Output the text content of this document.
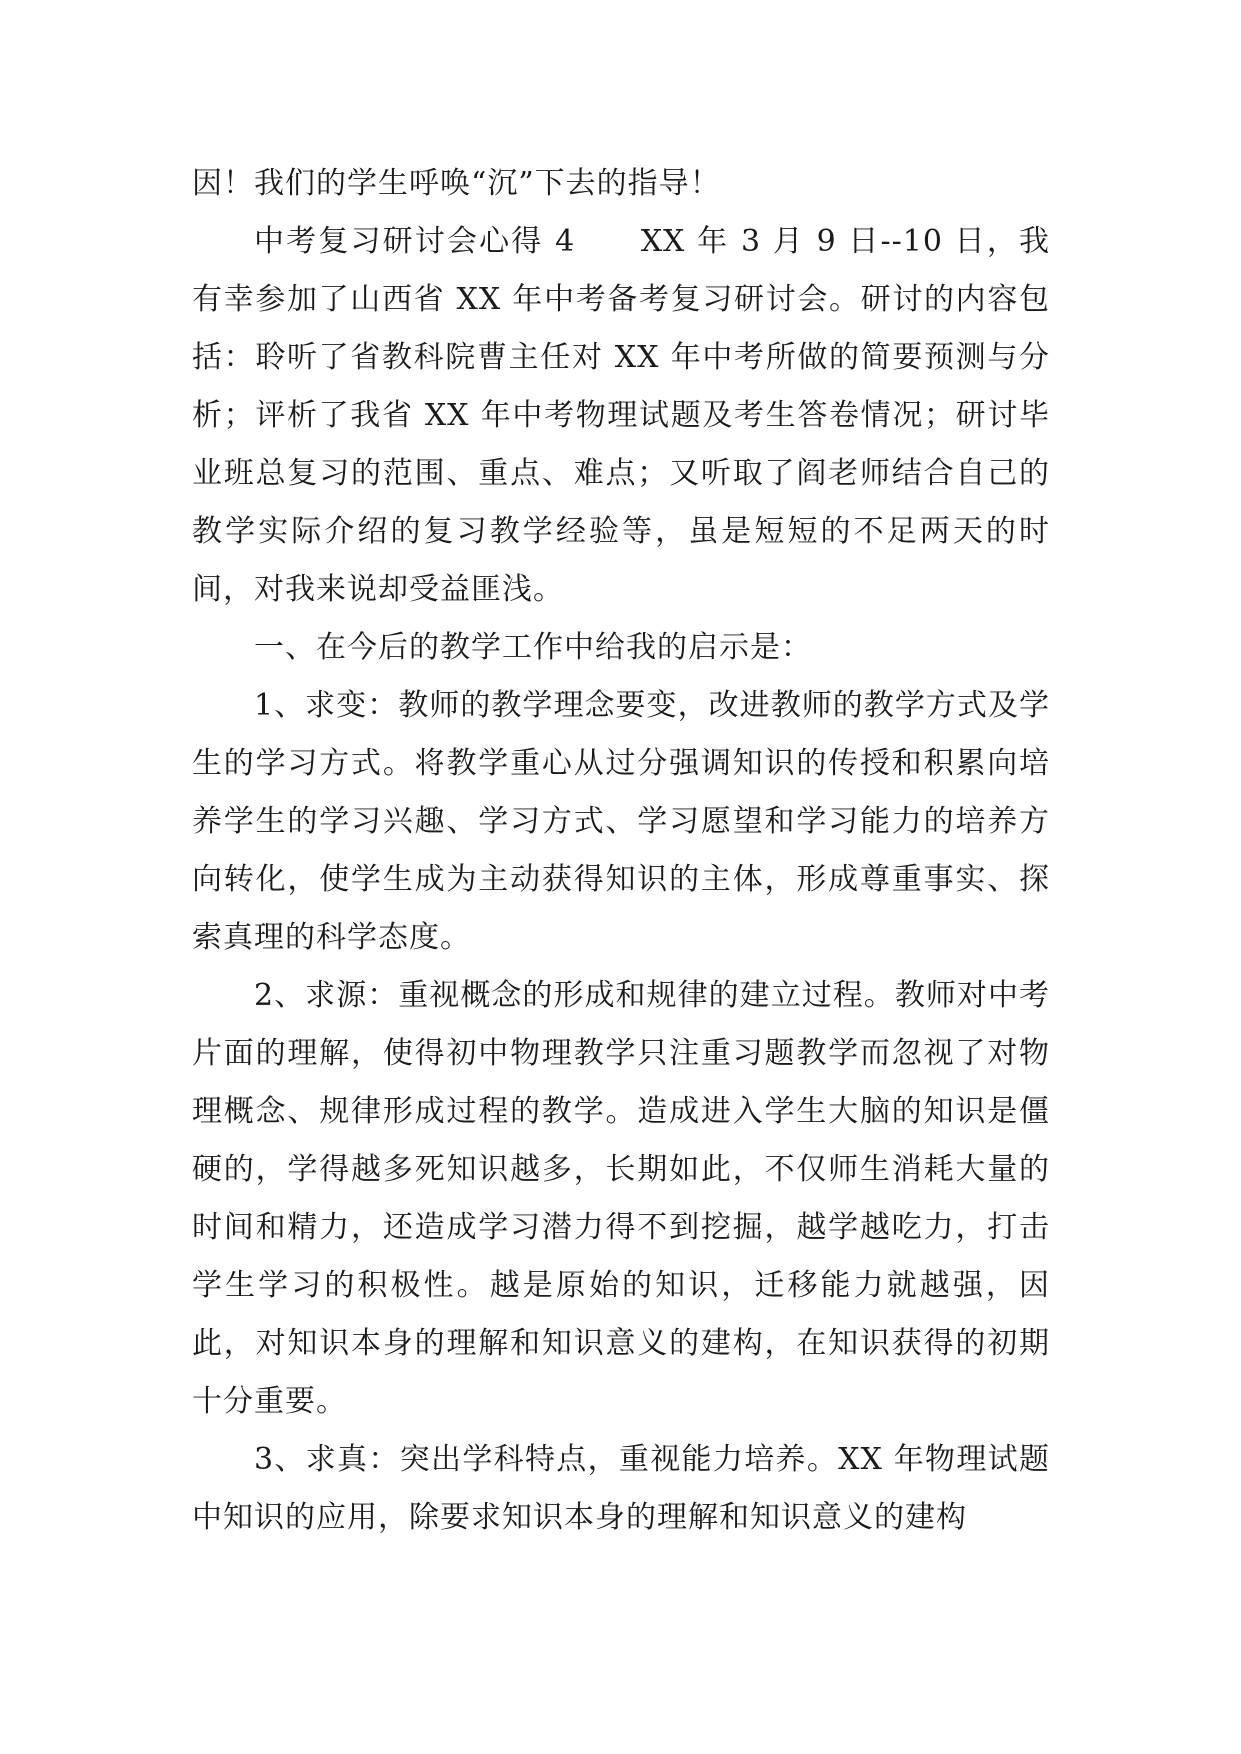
因！我们的学生呼唤“沉”下去的指导！

中考复习研讨会心得 4　　XX 年 3 月 9 日--10 日，我有幸参加了山西省 XX 年中考备考复习研讨会。研讨的内容包括：聆听了省教科院曹主任对 XX 年中考所做的简要预测与分析；评析了我省 XX 年中考物理试题及考生答卷情况；研讨毕业班总复习的范围、重点、难点；又听取了阎老师结合自己的教学实际介绍的复习教学经验等，虽是短短的不足两天的时间，对我来说却受益匪浅。

一、在今后的教学工作中给我的启示是：

1、求变：教师的教学理念要变，改进教师的教学方式及学生的学习方式。将教学重心从过分强调知识的传授和积累向培养学生的学习兴趣、学习方式、学习愿望和学习能力的培养方向转化，使学生成为主动获得知识的主体，形成尊重事实、探索真理的科学态度。

2、求源：重视概念的形成和规律的建立过程。教师对中考片面的理解，使得初中物理教学只注重习题教学而忽视了对物理概念、规律形成过程的教学。造成进入学生大脑的知识是僵硬的，学得越多死知识越多，长期如此，不仅师生消耗大量的时间和精力，还造成学习潜力得不到挖掘，越学越吃力，打击学生学习的积极性。越是原始的知识，迁移能力就越强，因此，对知识本身的理解和知识意义的建构，在知识获得的初期十分重要。

3、求真：突出学科特点，重视能力培养。XX 年物理试题中知识的应用，除要求知识本身的理解和知识意义的建构
